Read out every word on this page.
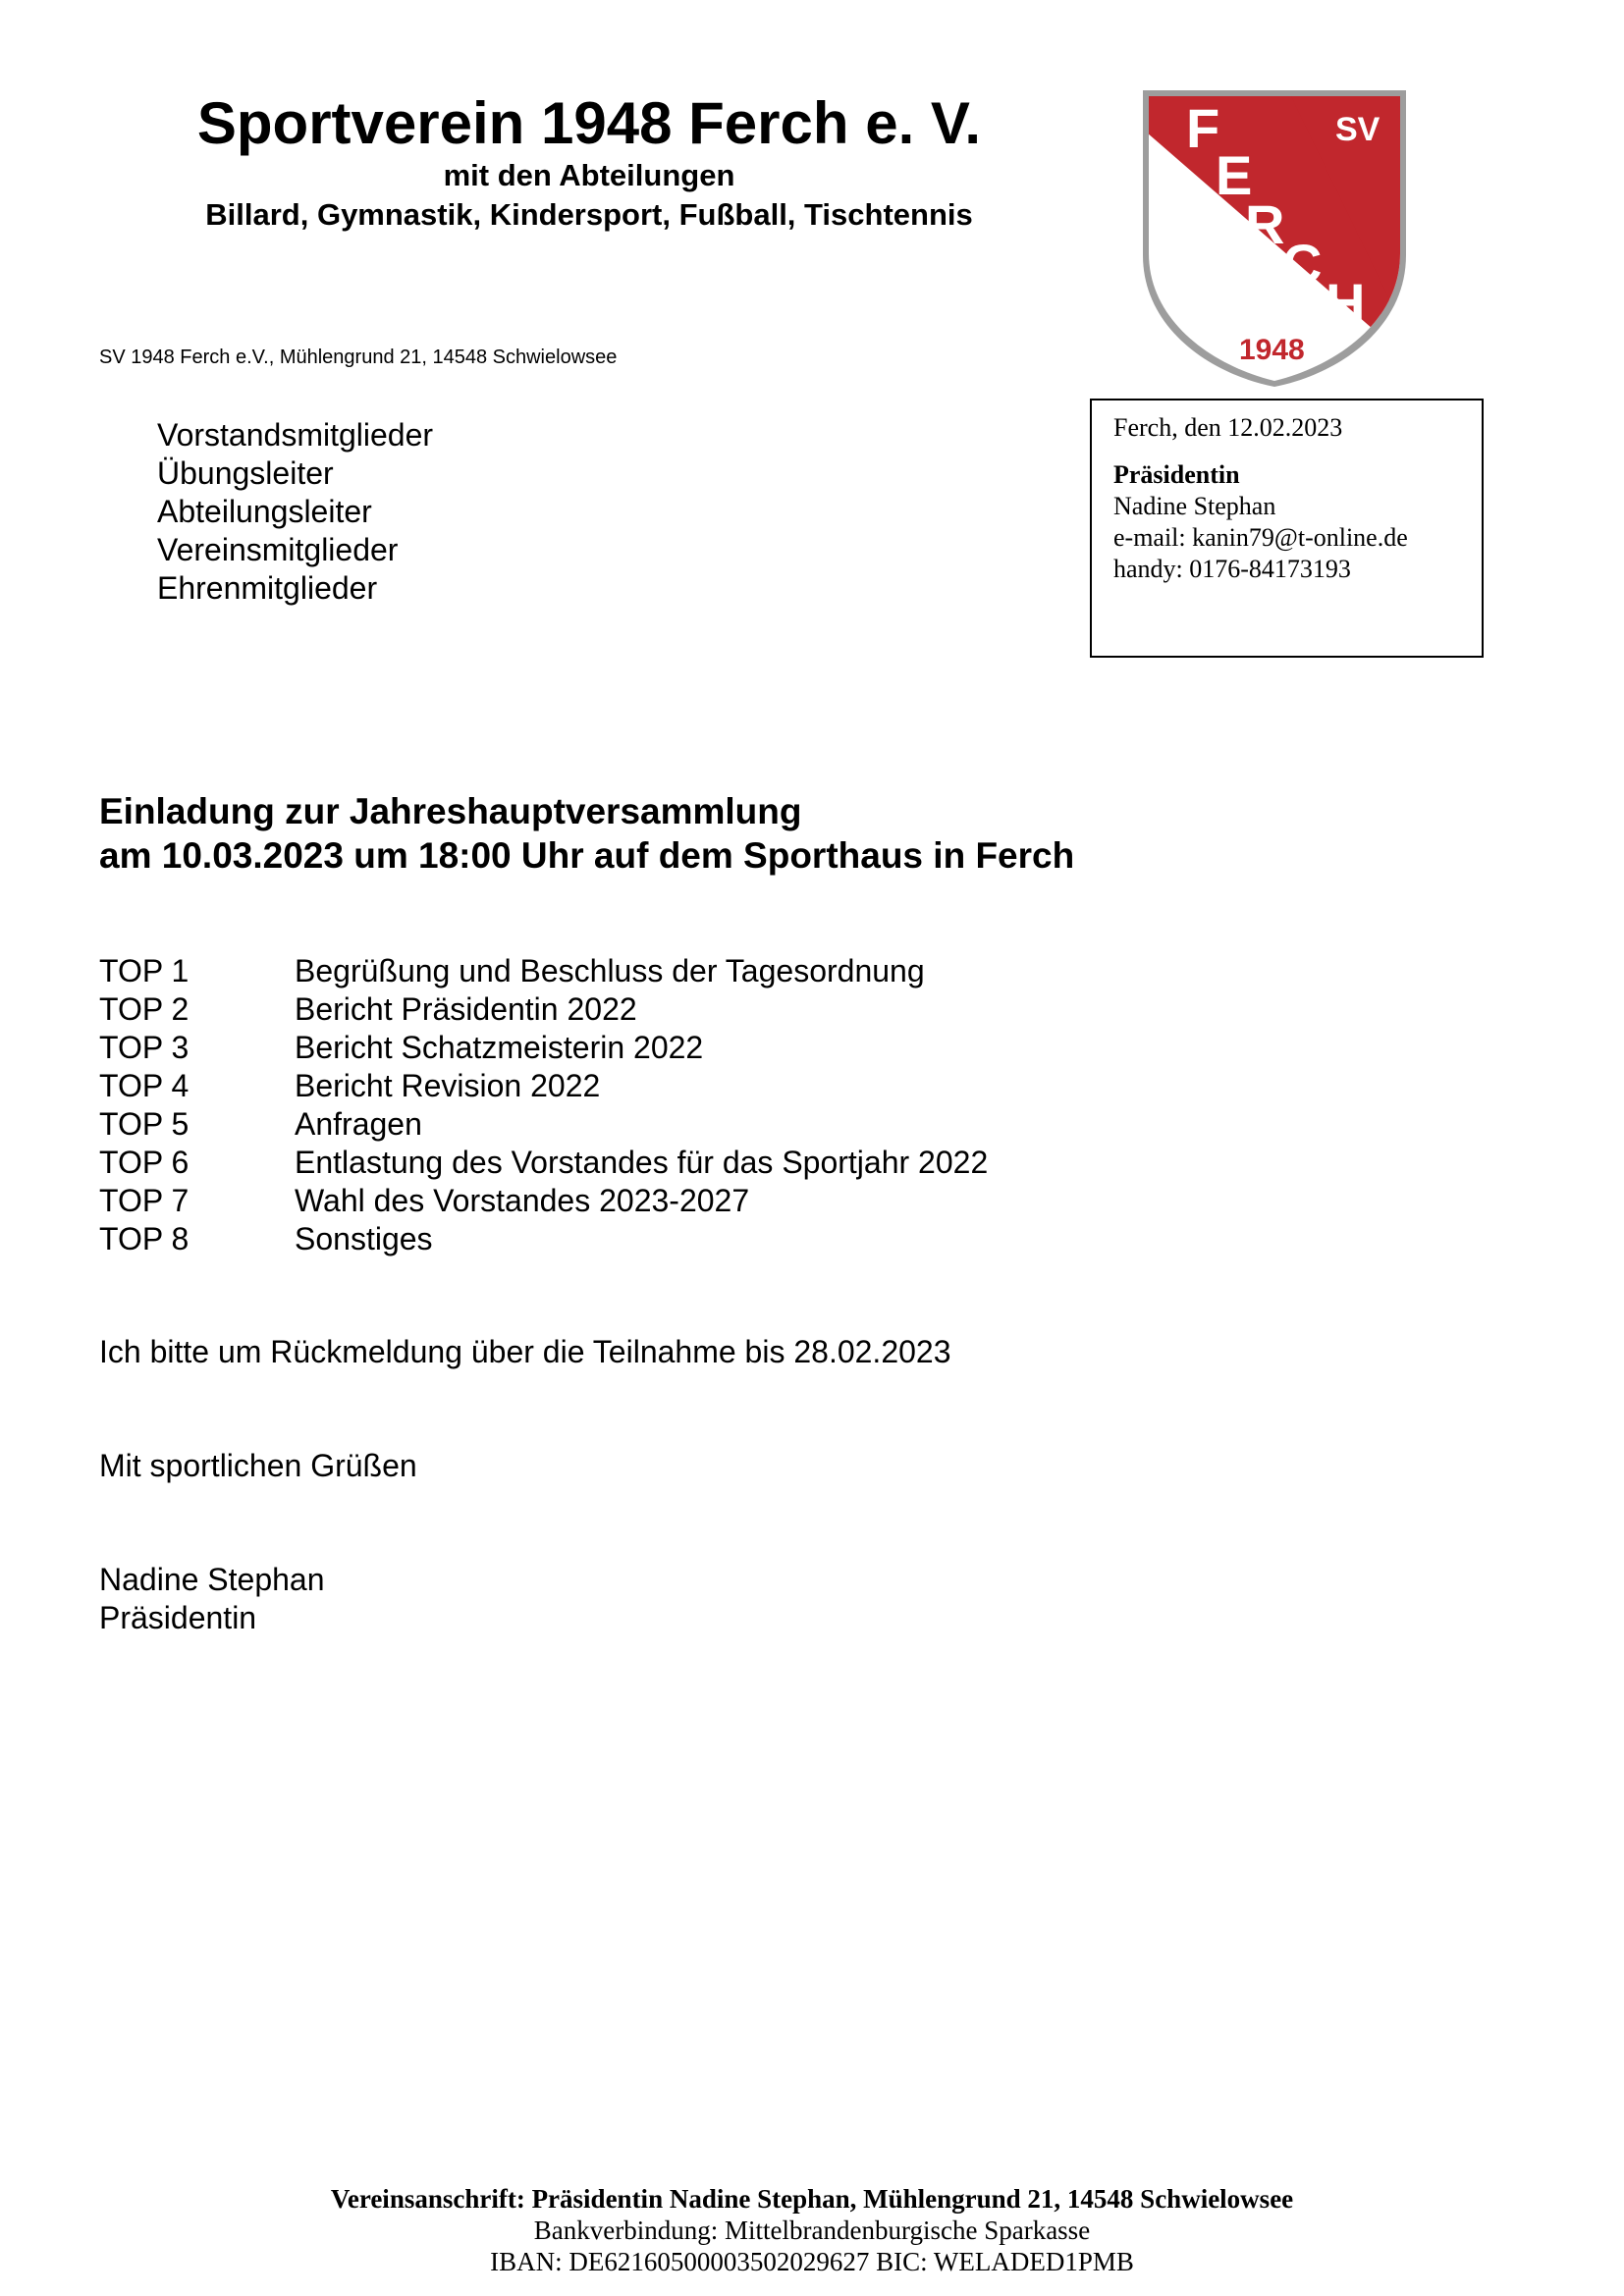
Sportverein 1948 Ferch e. V.
mit den Abteilungen
Billard, Gymnastik, Kindersport, Fußball, Tischtennis
F
E
R
C
H
SV
1948
SV 1948 Ferch e.V., Mühlengrund 21, 14548 Schwielowsee
Vorstandsmitglieder
Übungsleiter
Abteilungsleiter
Vereinsmitglieder
Ehrenmitglieder
Ferch, den 12.02.2023
Präsidentin
Nadine Stephan
e-mail: kanin79@t-online.de
handy: 0176-84173193
Einladung zur Jahreshauptversammlung
am 10.03.2023 um 18:00 Uhr auf dem Sporthaus in Ferch
TOP 1	Begrüßung und Beschluss der Tagesordnung
TOP 2	Bericht Präsidentin 2022
TOP 3	Bericht Schatzmeisterin 2022
TOP 4	Bericht Revision 2022
TOP 5	Anfragen
TOP 6	Entlastung des Vorstandes für das Sportjahr 2022
TOP 7	Wahl des Vorstandes 2023-2027
TOP 8	Sonstiges
Ich bitte um Rückmeldung über die Teilnahme bis 28.02.2023
Mit sportlichen Grüßen
Nadine Stephan
Präsidentin
Vereinsanschrift: Präsidentin Nadine Stephan, Mühlengrund 21, 14548 Schwielowsee
Bankverbindung: Mittelbrandenburgische Sparkasse
IBAN: DE62160500003502029627 BIC: WELADED1PMB
